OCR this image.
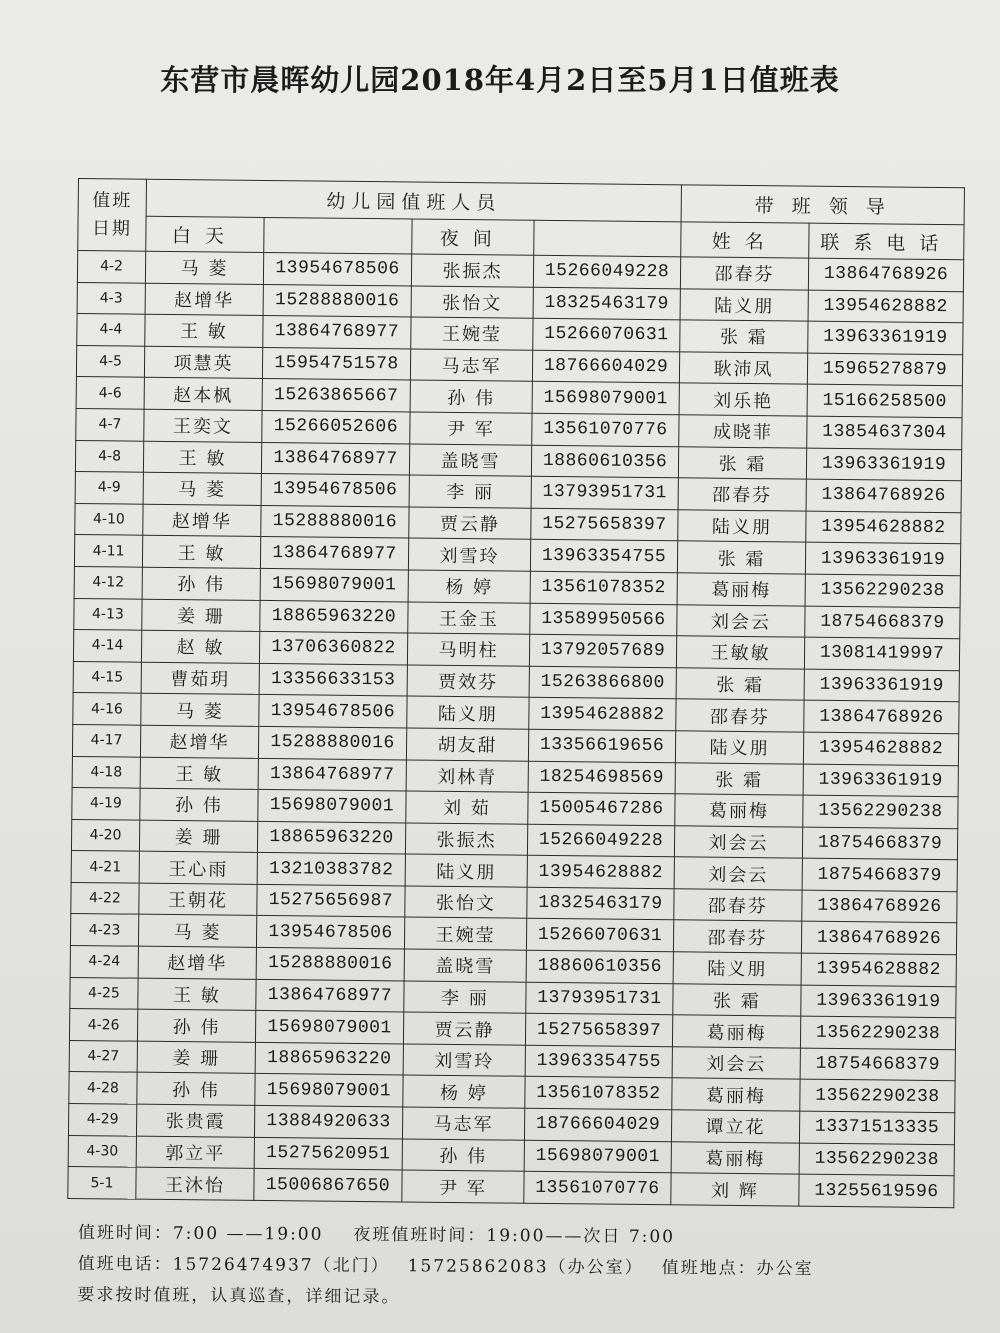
东营市晨晖幼儿园2018年4月2日至5月1日值班表
值班
日期	幼儿园值班人员				带 班 领 导	
	白天		夜间		姓名	联系电话
4-2	马 菱	13954678506	张振杰	15266049228	邵春芬	13864768926
4-3	赵增华	15288880016	张怡文	18325463179	陆义朋	13954628882
4-4	王 敏	13864768977	王婉莹	15266070631	张 霜	13963361919
4-5	项慧英	15954751578	马志军	18766604029	耿沛凤	15965278879
4-6	赵本枫	15263865667	孙 伟	15698079001	刘乐艳	15166258500
4-7	王奕文	15266052606	尹 军	13561070776	成晓菲	13854637304
4-8	王 敏	13864768977	盖晓雪	18860610356	张 霜	13963361919
4-9	马 菱	13954678506	李 丽	13793951731	邵春芬	13864768926
4-10	赵增华	15288880016	贾云静	15275658397	陆义朋	13954628882
4-11	王 敏	13864768977	刘雪玲	13963354755	张 霜	13963361919
4-12	孙 伟	15698079001	杨 婷	13561078352	葛丽梅	13562290238
4-13	姜 珊	18865963220	王金玉	13589950566	刘会云	18754668379
4-14	赵 敏	13706360822	马明柱	13792057689	王敏敏	13081419997
4-15	曹茹玥	13356633153	贾效芬	15263866800	张 霜	13963361919
4-16	马 菱	13954678506	陆义朋	13954628882	邵春芬	13864768926
4-17	赵增华	15288880016	胡友甜	13356619656	陆义朋	13954628882
4-18	王 敏	13864768977	刘林青	18254698569	张 霜	13963361919
4-19	孙 伟	15698079001	刘 茹	15005467286	葛丽梅	13562290238
4-20	姜 珊	18865963220	张振杰	15266049228	刘会云	18754668379
4-21	王心雨	13210383782	陆义朋	13954628882	刘会云	18754668379
4-22	王朝花	15275656987	张怡文	18325463179	邵春芬	13864768926
4-23	马 菱	13954678506	王婉莹	15266070631	邵春芬	13864768926
4-24	赵增华	15288880016	盖晓雪	18860610356	陆义朋	13954628882
4-25	王 敏	13864768977	李 丽	13793951731	张 霜	13963361919
4-26	孙 伟	15698079001	贾云静	15275658397	葛丽梅	13562290238
4-27	姜 珊	18865963220	刘雪玲	13963354755	刘会云	18754668379
4-28	孙 伟	15698079001	杨 婷	13561078352	葛丽梅	13562290238
4-29	张贵霞	13884920633	马志军	18766604029	谭立花	13371513335
4-30	郭立平	15275620951	孙 伟	15698079001	葛丽梅	13562290238
5-1	王沐怡	15006867650	尹 军	13561070776	刘 辉	13255619596
值班时间：7:00 ——19:00 夜班值班时间：19:00——次日 7:00
值班电话：15726474937（北门） 15725862083（办公室） 值班地点：办公室
要求按时值班，认真巡查，详细记录。
